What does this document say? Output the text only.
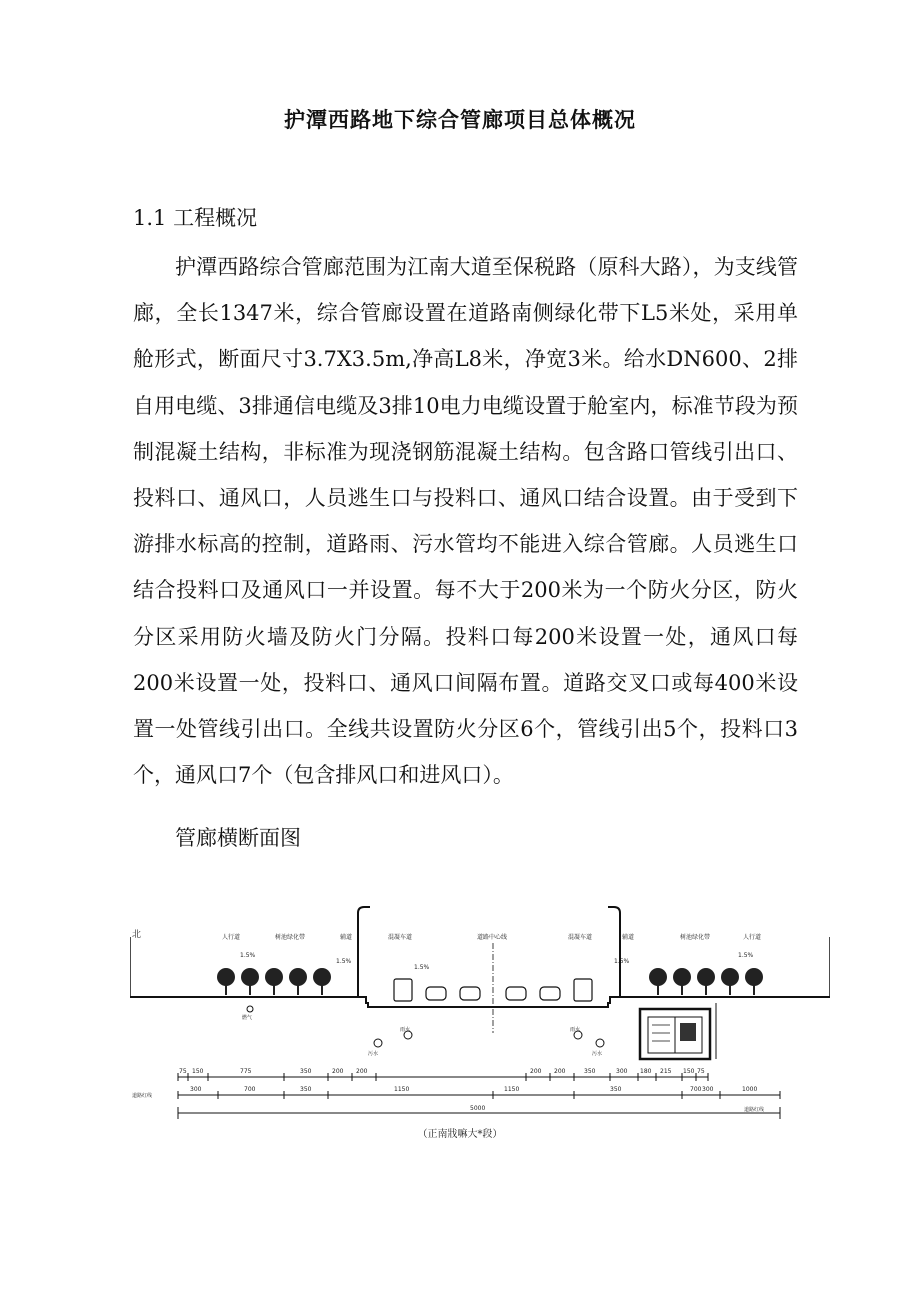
护潭西路地下综合管廊项目总体概况
1.1 工程概况

护潭西路综合管廊范围为江南大道至保税路（原科大路），为支线管廊，全长1347米，综合管廊设置在道路南侧绿化带下L5米处，采用单舱形式，断面尺寸3.7X3.5m,净高L8米，净宽3米。给水DN600、2排自用电缆、3排通信电缆及3排10电力电缆设置于舱室内，标准节段为预制混凝土结构，非标准为现浇钢筋混凝土结构。包含路口管线引出口、投料口、通风口，人员逃生口与投料口、通风口结合设置。由于受到下游排水标高的控制，道路雨、污水管均不能进入综合管廊。人员逃生口结合投料口及通风口一并设置。每不大于200米为一个防火分区，防火分区采用防火墙及防火门分隔。投料口每200米设置一处，通风口每200米设置一处，投料口、通风口间隔布置。道路交叉口或每400米设置一处管线引出口。全线共设置防火分区6个，管线引出5个，投料口3个，通风口7个（包含排风口和进风口）。

管廊横断面图
北	人行道	树池绿化带	辅道	混凝车道	道路中心线	混凝车道	辅道	树池绿化带	人行道
1.5%
1.5%
1.5%
1.5%
1.5%
燃气
污水
雨水	雨水
污水
75 150	775	350	200 200	200 200	350	300 180 215 150 75
300	700	350	1150	1150	350	700 300	1000
5000
道路红线
道路红线
（正南戕嘛大*段）
